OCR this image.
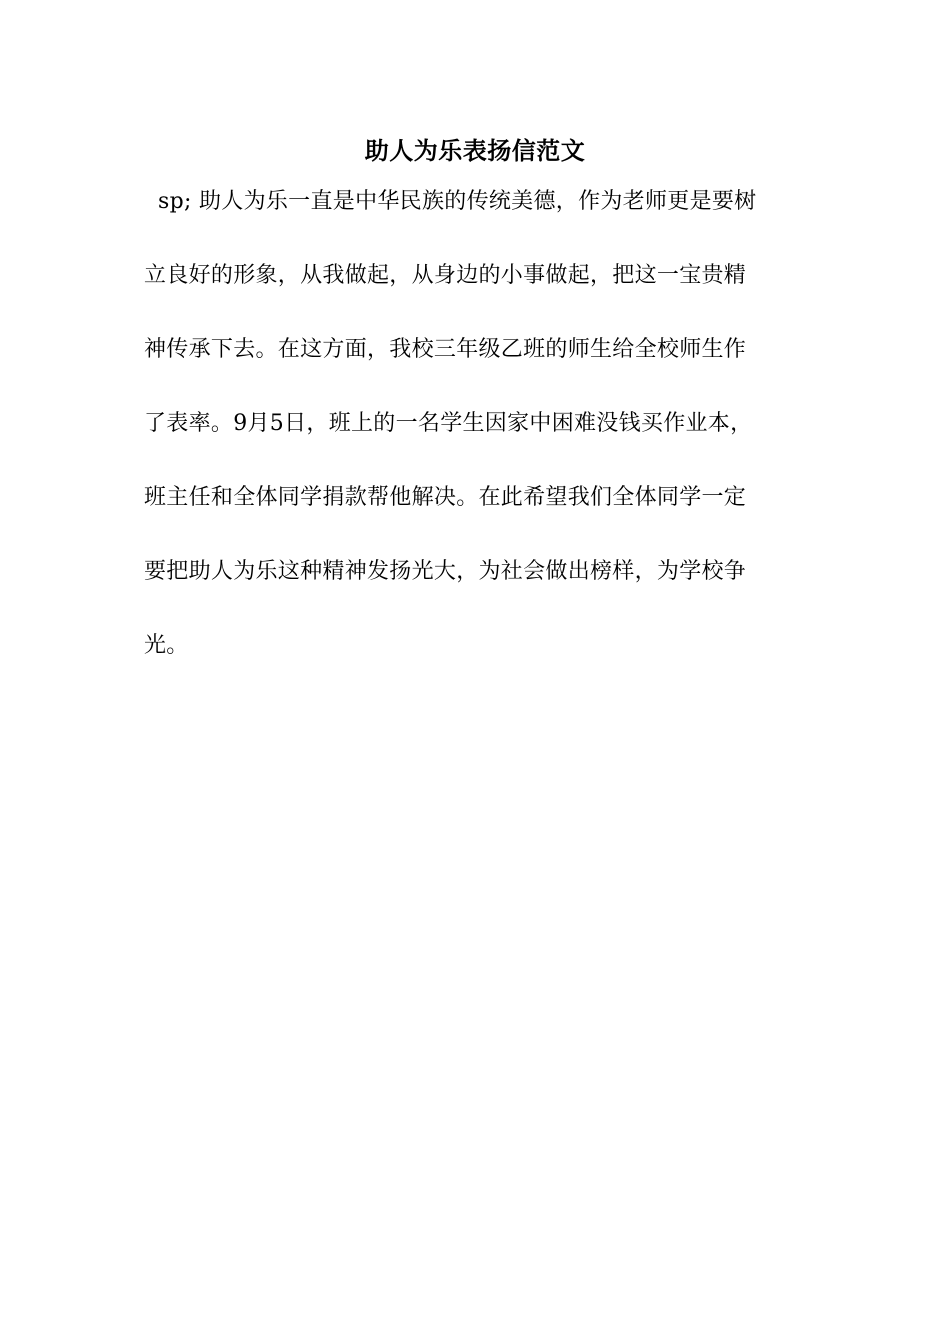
助人为乐表扬信范文
sp; 助人为乐一直是中华民族的传统美德，作为老师更是要树
立良好的形象，从我做起，从身边的小事做起，把这一宝贵精
神传承下去。在这方面，我校三年级乙班的师生给全校师生作
了表率。9月5日，班上的一名学生因家中困难没钱买作业本，
班主任和全体同学捐款帮他解决。在此希望我们全体同学一定
要把助人为乐这种精神发扬光大，为社会做出榜样，为学校争
光。
